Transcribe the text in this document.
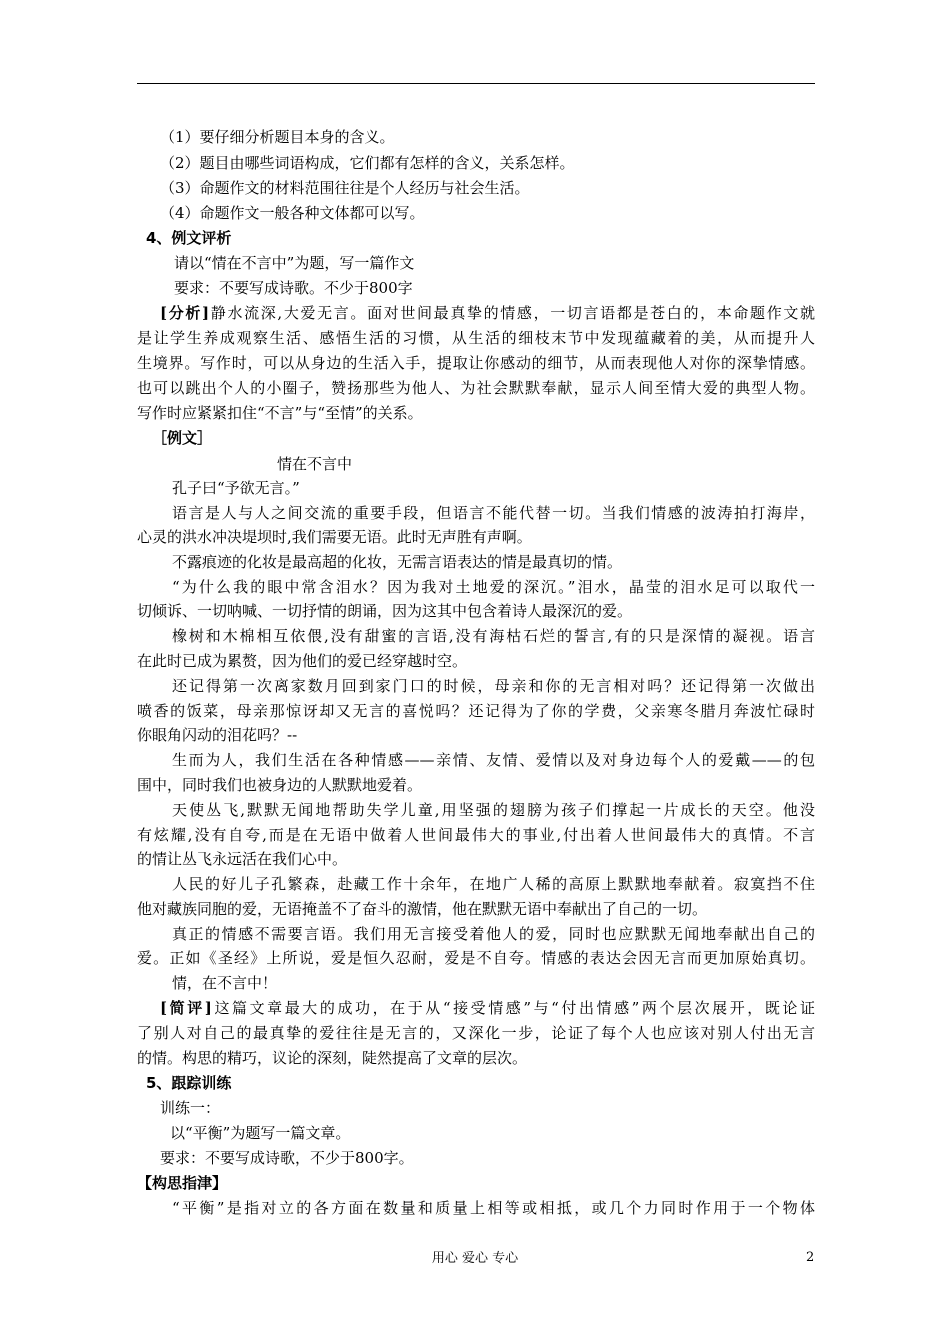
（1）要仔细分析题目本身的含义。
（2）题目由哪些词语构成，它们都有怎样的含义，关系怎样。
（3）命题作文的材料范围往往是个人经历与社会生活。
（4）命题作文一般各种文体都可以写。
4、例文评析
请以“情在不言中”为题，写一篇作文
要求：不要写成诗歌。不少于800字
[分析]静水流深,大爱无言。面对世间最真挚的情感，一切言语都是苍白的，本命题作文就
是让学生养成观察生活、感悟生活的习惯，从生活的细枝末节中发现蕴藏着的美，从而提升人
生境界。写作时，可以从身边的生活入手，提取让你感动的细节，从而表现他人对你的深挚情感。
也可以跳出个人的小圈子，赞扬那些为他人、为社会默默奉献，显示人间至情大爱的典型人物。
写作时应紧紧扣住“不言”与“至情”的关系。
［例文］
情在不言中
孔子曰“予欲无言。”
语言是人与人之间交流的重要手段，但语言不能代替一切。当我们情感的波涛拍打海岸，
心灵的洪水冲决堤坝时,我们需要无语。此时无声胜有声啊。
不露痕迹的化妆是最高超的化妆，无需言语表达的情是最真切的情。
“为什么我的眼中常含泪水？因为我对土地爱的深沉。”泪水，晶莹的泪水足可以取代一
切倾诉、一切呐喊、一切抒情的朗诵，因为这其中包含着诗人最深沉的爱。
橡树和木棉相互依偎,没有甜蜜的言语,没有海枯石烂的誓言,有的只是深情的凝视。语言
在此时已成为累赘，因为他们的爱已经穿越时空。
还记得第一次离家数月回到家门口的时候，母亲和你的无言相对吗？还记得第一次做出
喷香的饭菜，母亲那惊讶却又无言的喜悦吗？还记得为了你的学费，父亲寒冬腊月奔波忙碌时
你眼角闪动的泪花吗？--
生而为人，我们生活在各种情感——亲情、友情、爱情以及对身边每个人的爱戴——的包
围中，同时我们也被身边的人默默地爱着。
天使丛飞,默默无闻地帮助失学儿童,用坚强的翅膀为孩子们撑起一片成长的天空。他没
有炫耀,没有自夸,而是在无语中做着人世间最伟大的事业,付出着人世间最伟大的真情。不言
的情让丛飞永远活在我们心中。
人民的好儿子孔繁森，赴藏工作十余年，在地广人稀的高原上默默地奉献着。寂寞挡不住
他对藏族同胞的爱，无语掩盖不了奋斗的激情，他在默默无语中奉献出了自己的一切。
真正的情感不需要言语。我们用无言接受着他人的爱，同时也应默默无闻地奉献出自己的
爱。正如《圣经》上所说，爱是恒久忍耐，爱是不自夸。情感的表达会因无言而更加原始真切。
情，在不言中！
[简评]这篇文章最大的成功，在于从“接受情感”与“付出情感”两个层次展开，既论证
了别人对自己的最真挚的爱往往是无言的，又深化一步，论证了每个人也应该对别人付出无言
的情。构思的精巧，议论的深刻，陡然提高了文章的层次。
5、跟踪训练
训练一：
以“平衡”为题写一篇文章。
要求：不要写成诗歌，不少于800字。
【构思指津】
“平衡”是指对立的各方面在数量和质量上相等或相抵，或几个力同时作用于一个物体
用心 爱心 专心	2
